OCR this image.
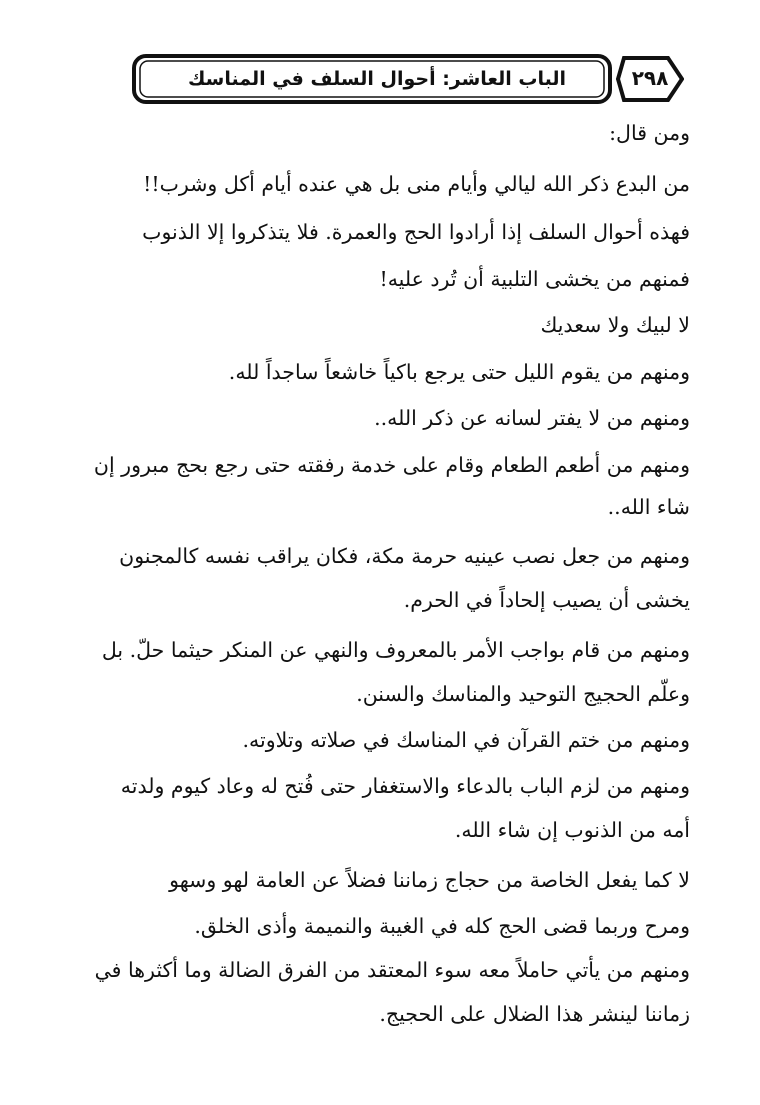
الباب العاشر: أحوال السلف في المناسك	٢٩٨
ومن قال:
من البدع ذكر الله ليالي وأيام منى بل هي عنده أيام أكل وشرب!!
فهذه أحوال السلف إذا أرادوا الحج والعمرة. فلا يتذكروا إلا الذنوب
فمنهم من يخشى التلبية أن تُرد عليه!
لا لبيك ولا سعديك
ومنهم من يقوم الليل حتى يرجع باكياً خاشعاً ساجداً لله.
ومنهم من لا يفتر لسانه عن ذكر الله..
ومنهم من أطعم الطعام وقام على خدمة رفقته حتى رجع بحج مبرور إن
شاء الله..
ومنهم من جعل نصب عينيه حرمة مكة، فكان يراقب نفسه كالمجنون
يخشى أن يصيب إلحاداً في الحرم.
ومنهم من قام بواجب الأمر بالمعروف والنهي عن المنكر حيثما حلّ. بل
وعلّم الحجيج التوحيد والمناسك والسنن.
ومنهم من ختم القرآن في المناسك في صلاته وتلاوته.
ومنهم من لزم الباب بالدعاء والاستغفار حتى فُتح له وعاد كيوم ولدته
أمه من الذنوب إن شاء الله.
لا كما يفعل الخاصة من حجاج زماننا فضلاً عن العامة لهو وسهو
ومرح وربما قضى الحج كله في الغيبة والنميمة وأذى الخلق.
ومنهم من يأتي حاملاً معه سوء المعتقد من الفرق الضالة وما أكثرها في
زماننا لينشر هذا الضلال على الحجيج.
